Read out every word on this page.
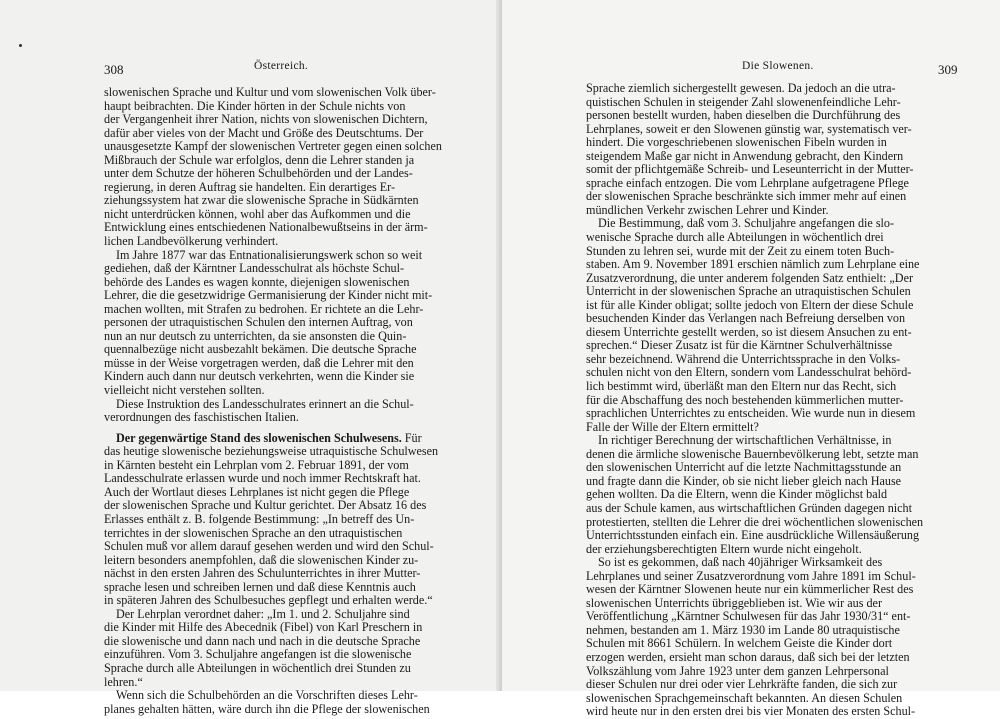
308	Österreich.
slowenischen Sprache und Kultur und vom slowenischen Volk über-
haupt beibrachten. Die Kinder hörten in der Schule nichts von
der Vergangenheit ihrer Nation, nichts von slowenischen Dichtern,
dafür aber vieles von der Macht und Größe des Deutschtums. Der
unausgesetzte Kampf der slowenischen Vertreter gegen einen solchen
Mißbrauch der Schule war erfolglos, denn die Lehrer standen ja
unter dem Schutze der höheren Schulbehörden und der Landes-
regierung, in deren Auftrag sie handelten. Ein derartiges Er-
ziehungssystem hat zwar die slowenische Sprache in Südkärnten
nicht unterdrücken können, wohl aber das Aufkommen und die
Entwicklung eines entschiedenen Nationalbewußtseins in der ärm-
lichen Landbevölkerung verhindert.
Im Jahre 1877 war das Entnationalisierungswerk schon so weit
gediehen, daß der Kärntner Landesschulrat als höchste Schul-
behörde des Landes es wagen konnte, diejenigen slowenischen
Lehrer, die die gesetzwidrige Germanisierung der Kinder nicht mit-
machen wollten, mit Strafen zu bedrohen. Er richtete an die Lehr-
personen der utraquistischen Schulen den internen Auftrag, von
nun an nur deutsch zu unterrichten, da sie ansonsten die Quin-
quennalbezüge nicht ausbezahlt bekämen. Die deutsche Sprache
müsse in der Weise vorgetragen werden, daß die Lehrer mit den
Kindern auch dann nur deutsch verkehrten, wenn die Kinder sie
vielleicht nicht verstehen sollten.
Diese Instruktion des Landesschulrates erinnert an die Schul-
verordnungen des faschistischen Italien.
Der gegenwärtige Stand des slowenischen Schulwesens. Für
das heutige slowenische beziehungsweise utraquistische Schulwesen
in Kärnten besteht ein Lehrplan vom 2. Februar 1891, der vom
Landesschulrate erlassen wurde und noch immer Rechtskraft hat.
Auch der Wortlaut dieses Lehrplanes ist nicht gegen die Pflege
der slowenischen Sprache und Kultur gerichtet. Der Absatz 16 des
Erlasses enthält z. B. folgende Bestimmung: „In betreff des Un-
terrichtes in der slowenischen Sprache an den utraquistischen
Schulen muß vor allem darauf gesehen werden und wird den Schul-
leitern besonders anempfohlen, daß die slowenischen Kinder zu-
nächst in den ersten Jahren des Schulunterrichtes in ihrer Mutter-
sprache lesen und schreiben lernen und daß diese Kenntnis auch
in späteren Jahren des Schulbesuches gepflegt und erhalten werde.“
Der Lehrplan verordnet daher: „Im 1. und 2. Schuljahre sind
die Kinder mit Hilfe des Abecednik (Fibel) von Karl Preschern in
die slowenische und dann nach und nach in die deutsche Sprache
einzuführen. Vom 3. Schuljahre angefangen ist die slowenische
Sprache durch alle Abteilungen in wöchentlich drei Stunden zu
lehren.“
Wenn sich die Schulbehörden an die Vorschriften dieses Lehr-
planes gehalten hätten, wäre durch ihn die Pflege der slowenischen
Die Slowenen.	309
Sprache ziemlich sichergestellt gewesen. Da jedoch an die utra-
quistischen Schulen in steigender Zahl slowenenfeindliche Lehr-
personen bestellt wurden, haben dieselben die Durchführung des
Lehrplanes, soweit er den Slowenen günstig war, systematisch ver-
hindert. Die vorgeschriebenen slowenischen Fibeln wurden in
steigendem Maße gar nicht in Anwendung gebracht, den Kindern
somit der pflichtgemäße Schreib- und Leseunterricht in der Mutter-
sprache einfach entzogen. Die vom Lehrplane aufgetragene Pflege
der slowenischen Sprache beschränkte sich immer mehr auf einen
mündlichen Verkehr zwischen Lehrer und Kinder.
Die Bestimmung, daß vom 3. Schuljahre angefangen die slo-
wenische Sprache durch alle Abteilungen in wöchentlich drei
Stunden zu lehren sei, wurde mit der Zeit zu einem toten Buch-
staben. Am 9. November 1891 erschien nämlich zum Lehrplane eine
Zusatzverordnung, die unter anderem folgenden Satz enthielt: „Der
Unterricht in der slowenischen Sprache an utraquistischen Schulen
ist für alle Kinder obligat; sollte jedoch von Eltern der diese Schule
besuchenden Kinder das Verlangen nach Befreiung derselben von
diesem Unterrichte gestellt werden, so ist diesem Ansuchen zu ent-
sprechen.“ Dieser Zusatz ist für die Kärntner Schulverhältnisse
sehr bezeichnend. Während die Unterrichtssprache in den Volks-
schulen nicht von den Eltern, sondern vom Landesschulrat behörd-
lich bestimmt wird, überläßt man den Eltern nur das Recht, sich
für die Abschaffung des noch bestehenden kümmerlichen mutter-
sprachlichen Unterrichtes zu entscheiden. Wie wurde nun in diesem
Falle der Wille der Eltern ermittelt?
In richtiger Berechnung der wirtschaftlichen Verhältnisse, in
denen die ärmliche slowenische Bauernbevölkerung lebt, setzte man
den slowenischen Unterricht auf die letzte Nachmittagsstunde an
und fragte dann die Kinder, ob sie nicht lieber gleich nach Hause
gehen wollten. Da die Eltern, wenn die Kinder möglichst bald
aus der Schule kamen, aus wirtschaftlichen Gründen dagegen nicht
protestierten, stellten die Lehrer die drei wöchentlichen slowenischen
Unterrichtsstunden einfach ein. Eine ausdrückliche Willensäußerung
der erziehungsberechtigten Eltern wurde nicht eingeholt.
So ist es gekommen, daß nach 40jähriger Wirksamkeit des
Lehrplanes und seiner Zusatzverordnung vom Jahre 1891 im Schul-
wesen der Kärntner Slowenen heute nur ein kümmerlicher Rest des
slowenischen Unterrichts übriggeblieben ist. Wie wir aus der
Veröffentlichung „Kärntner Schulwesen für das Jahr 1930/31“ ent-
nehmen, bestanden am 1. März 1930 im Lande 80 utraquistische
Schulen mit 8661 Schülern. In welchem Geiste die Kinder dort
erzogen werden, ersieht man schon daraus, daß sich bei der letzten
Volkszählung vom Jahre 1923 unter dem ganzen Lehrpersonal
dieser Schulen nur drei oder vier Lehrkräfte fanden, die sich zur
slowenischen Sprachgemeinschaft bekannten. An diesen Schulen
wird heute nur in den ersten drei bis vier Monaten des ersten Schul-
